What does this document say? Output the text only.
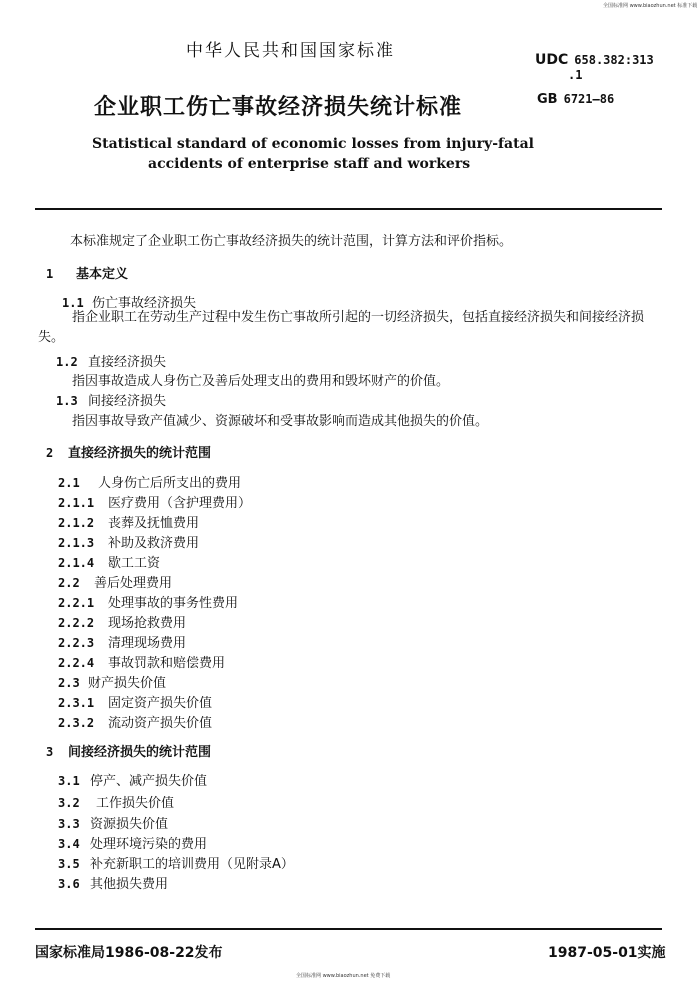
全国标准网 www.biaozhun.net 标准下载
全国标准网 www.biaozhun.net 免费下载
中华人民共和国国家标准	UDC 658.382:313
.1
GB 6721—86
企业职工伤亡事故经济损失统计标准
Statistical standard of economic losses from injury-fatal
accidents of enterprise staff and workers
本标准规定了企业职工伤亡事故经济损失的统计范围，计算方法和评价指标。
1 基本定义
1.1 伤亡事故经济损失
指企业职工在劳动生产过程中发生伤亡事故所引起的一切经济损失，包括直接经济损失和间接经济损失。
1.2 直接经济损失
指因事故造成人身伤亡及善后处理支出的费用和毁坏财产的价值。
1.3 间接经济损失
指因事故导致产值减少、资源破坏和受事故影响而造成其他损失的价值。
2 直接经济损失的统计范围
2.1 人身伤亡后所支出的费用
2.1.1 医疗费用（含护理费用）
2.1.2 丧葬及抚恤费用
2.1.3 补助及救济费用
2.1.4 歇工工资
2.2 善后处理费用
2.2.1 处理事故的事务性费用
2.2.2 现场抢救费用
2.2.3 清理现场费用
2.2.4 事故罚款和赔偿费用
2.3 财产损失价值
2.3.1 固定资产损失价值
2.3.2 流动资产损失价值
3 间接经济损失的统计范围
3.1 停产、减产损失价值
3.2 工作损失价值
3.3 资源损失价值
3.4 处理环境污染的费用
3.5 补充新职工的培训费用（见附录A）
3.6 其他损失费用
国家标准局1986-08-22发布	1987-05-01实施
